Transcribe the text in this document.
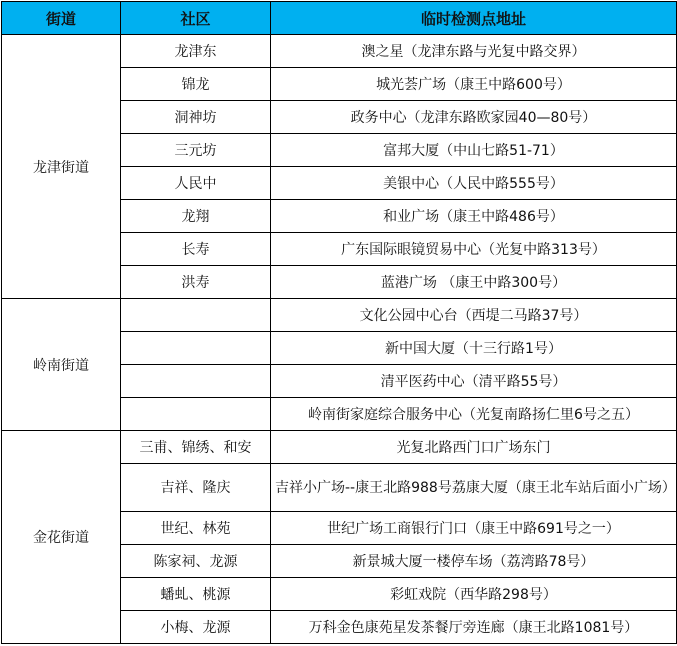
街道	社区	临时检测点地址
龙津街道	龙津东	澳之星（龙津东路与光复中路交界）
	锦龙	城光荟广场（康王中路600号）
	洞神坊	政务中心（龙津东路欧家园40—80号）
	三元坊	富邦大厦（中山七路51-71）
	人民中	美银中心（人民中路555号）
	龙翔	和业广场（康王中路486号）
	长寿	广东国际眼镜贸易中心（光复中路313号）
	洪寿	蓝港广场 （康王中路300号）
岭南街道		文化公园中心台（西堤二马路37号）
		新中国大厦（十三行路1号）
		清平医药中心（清平路55号）
		岭南街家庭综合服务中心（光复南路扬仁里6号之五）
金花街道	三甫、锦绣、和安	光复北路西门口广场东门
	吉祥、隆庆	吉祥小广场--康王北路988号荔康大厦（康王北车站后面小广场）
	世纪、林苑	世纪广场工商银行门口（康王中路691号之一）
	陈家祠、龙源	新景城大厦一楼停车场（荔湾路78号）
	蟠虬、桃源	彩虹戏院（西华路298号）
	小梅、龙源	万科金色康苑星发茶餐厅旁连廊（康王北路1081号）
